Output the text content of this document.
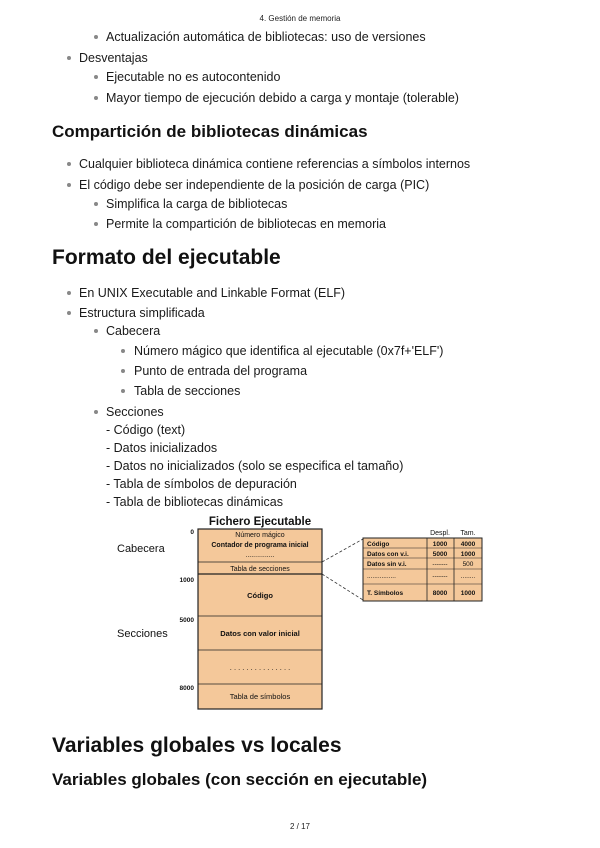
4. Gestión de memoria
Actualización automática de bibliotecas: uso de versiones
Desventajas
Ejecutable no es autocontenido
Mayor tiempo de ejecución debido a carga y montaje (tolerable)
Compartición de bibliotecas dinámicas
Cualquier biblioteca dinámica contiene referencias a símbolos internos
El código debe ser independiente de la posición de carga (PIC)
Simplifica la carga de bibliotecas
Permite la compartición de bibliotecas en memoria
Formato del ejecutable
En UNIX Executable and Linkable Format (ELF)
Estructura simplificada
Cabecera
Número mágico que identifica al ejecutable (0x7f+'ELF')
Punto de entrada del programa
Tabla de secciones
Secciones
- Código (text)
- Datos inicializados
- Datos no inicializados (solo se especifica el tamaño)
- Tabla de símbolos de depuración
- Tabla de bibliotecas dinámicas
Fichero Ejecutable
Cabecera
Secciones
0
1000
5000
8000
Número mágico
Contador de programa inicial
...............
Tabla de secciones
Código
Datos con valor inicial
. . . . . . . . . . . . . . .
Tabla de símbolos
Despl. Tam.
Código	1000 4000
Datos con v.i.	5000 1000
Datos sin v.i.	------- 500
................	------- ........
T. Símbolos	8000 1000
Variables globales vs locales
Variables globales (con sección en ejecutable)
2 / 17
